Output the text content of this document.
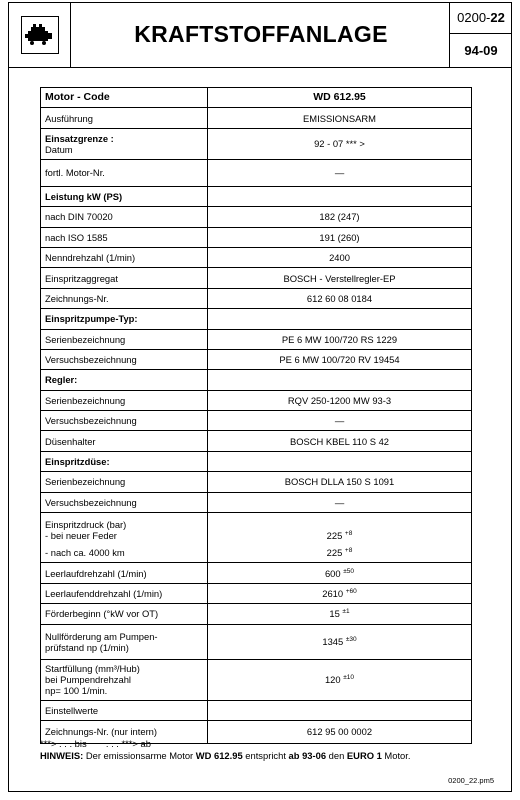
KRAFTSTOFFANLAGE
0200- 22
94-09
Motor - Code	WD 612.95
Ausführung	EMISSIONSARM
Einsatzgrenze :
Datum	92 - 07 *** >
fortl. Motor-Nr.	—
Leistung kW (PS)	
nach DIN 70020	182 (247)
nach ISO 1585	191 (260)
Nenndrehzahl (1/min)	2400
Einspritzaggregat	BOSCH - Verstellregler-EP
Zeichnungs-Nr.	612 60 08 0184
Einspritzpumpe-Typ:	
Serienbezeichnung	PE 6 MW 100/720 RS 1229
Versuchsbezeichnung	PE 6 MW 100/720 RV 19454
Regler:	
Serienbezeichnung	RQV 250-1200 MW 93-3
Versuchsbezeichnung	—
Düsenhalter	BOSCH KBEL 110 S 42
Einspritzdüse:	
Serienbezeichnung	BOSCH DLLA 150 S 1091
Versuchsbezeichnung	—
Einspritzdruck (bar)
- bei neuer Feder	225 $^{+8}$
- nach ca. 4000 km	225 $^{+8}$
Leerlaufdrehzahl (1/min)	600 $^{\pm 50}$
Leerlaufenddrehzahl (1/min)	2610 $^{+60}$
Förderbeginn (°kW vor OT)	15 $^{\pm 1}$
Nullförderung am Pumpen-
prüfstand np (1/min)	1345 $^{\pm 30}$
Startfüllung (mm³/Hub)
bei Pumpendrehzahl
np= 100 1/min.	120 $^{\pm 10}$
Einstellwerte	
Zeichnungs-Nr. (nur intern)	612 95 00 0002
***> . . . bis . . . ***> ab
HINWEIS: Der emissionsarme Motor WD 612.95 entspricht ab 93-06 den EURO 1 Motor.
0200_22.pm5
